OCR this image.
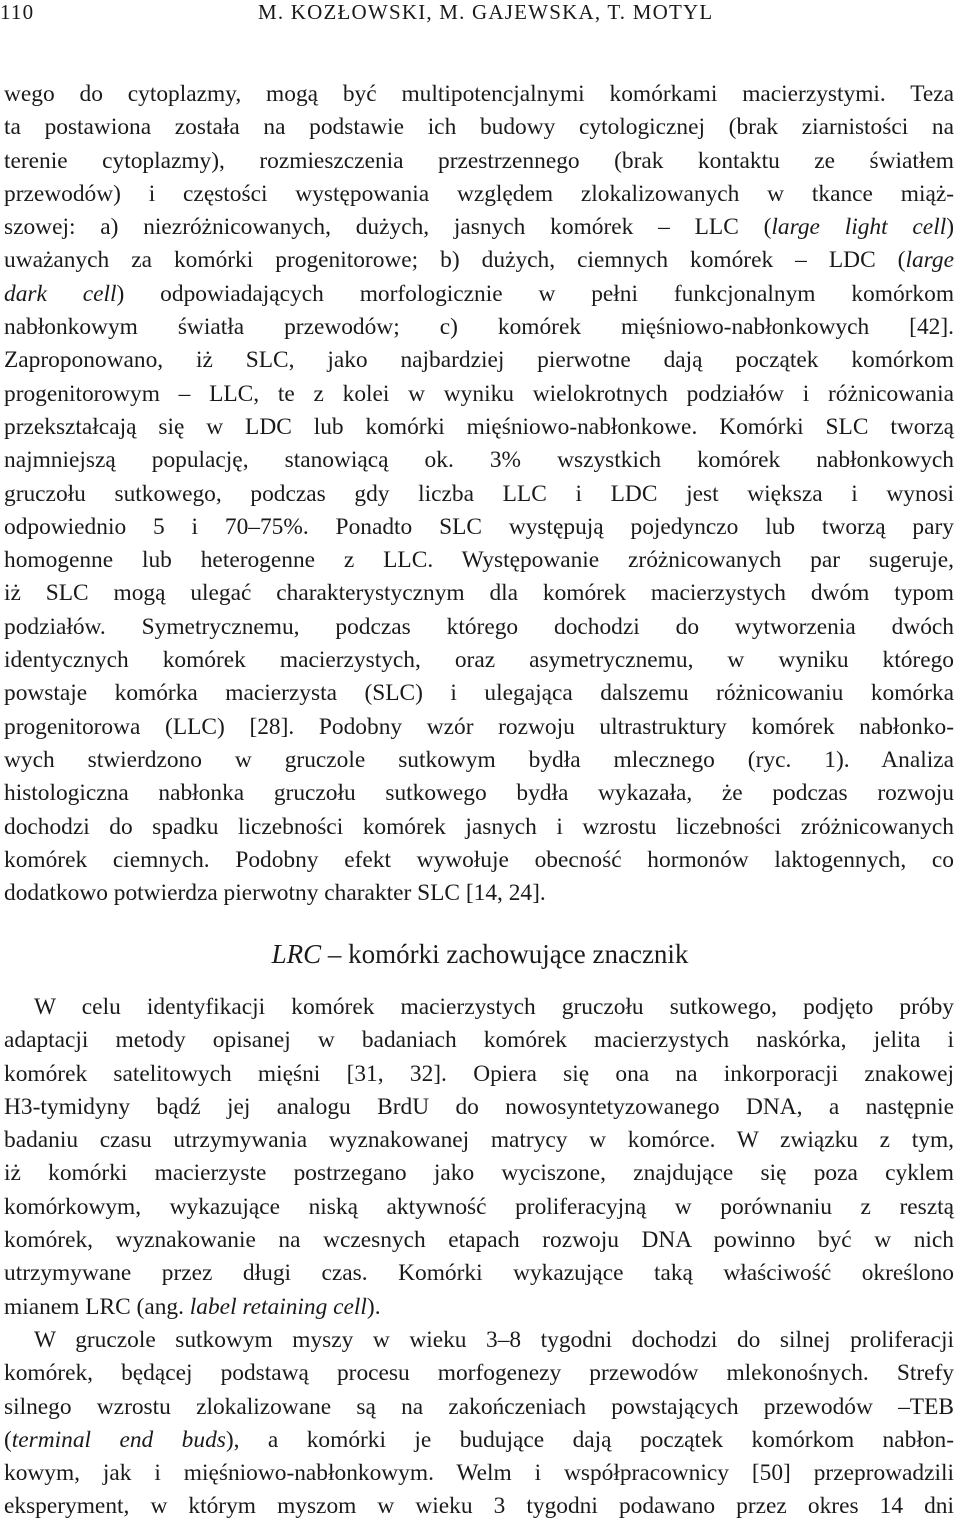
110	M. KOZŁOWSKI, M. GAJEWSKA, T. MOTYL
wego do cytoplazmy, mogą być multipotencjalnymi komórkami macierzystymi. Teza
ta postawiona została na podstawie ich budowy cytologicznej (brak ziarnistości na
terenie cytoplazmy), rozmieszczenia przestrzennego (brak kontaktu ze światłem
przewodów) i częstości występowania względem zlokalizowanych w tkance miąż-
szowej: a) niezróżnicowanych, dużych, jasnych komórek – LLC (large light cell)
uważanych za komórki progenitorowe; b) dużych, ciemnych komórek – LDC (large
dark cell) odpowiadających morfologicznie w pełni funkcjonalnym komórkom
nabłonkowym światła przewodów; c) komórek mięśniowo-nabłonkowych [42].
Zaproponowano, iż SLC, jako najbardziej pierwotne dają początek komórkom
progenitorowym – LLC, te z kolei w wyniku wielokrotnych podziałów i różnicowania
przekształcają się w LDC lub komórki mięśniowo-nabłonkowe. Komórki SLC tworzą
najmniejszą populację, stanowiącą ok. 3% wszystkich komórek nabłonkowych
gruczołu sutkowego, podczas gdy liczba LLC i LDC jest większa i wynosi
odpowiednio 5 i 70–75%. Ponadto SLC występują pojedynczo lub tworzą pary
homogenne lub heterogenne z LLC. Występowanie zróżnicowanych par sugeruje,
iż SLC mogą ulegać charakterystycznym dla komórek macierzystych dwóm typom
podziałów. Symetrycznemu, podczas którego dochodzi do wytworzenia dwóch
identycznych komórek macierzystych, oraz asymetrycznemu, w wyniku którego
powstaje komórka macierzysta (SLC) i ulegająca dalszemu różnicowaniu komórka
progenitorowa (LLC) [28]. Podobny wzór rozwoju ultrastruktury komórek nabłonko-
wych stwierdzono w gruczole sutkowym bydła mlecznego (ryc. 1). Analiza
histologiczna nabłonka gruczołu sutkowego bydła wykazała, że podczas rozwoju
dochodzi do spadku liczebności komórek jasnych i wzrostu liczebności zróżnicowanych
komórek ciemnych. Podobny efekt wywołuje obecność hormonów laktogennych, co
dodatkowo potwierdza pierwotny charakter SLC [14, 24].
LRC – komórki zachowujące znacznik
W celu identyfikacji komórek macierzystych gruczołu sutkowego, podjęto próby
adaptacji metody opisanej w badaniach komórek macierzystych naskórka, jelita i
komórek satelitowych mięśni [31, 32]. Opiera się ona na inkorporacji znakowej
H3-tymidyny bądź jej analogu BrdU do nowosyntetyzowanego DNA, a następnie
badaniu czasu utrzymywania wyznakowanej matrycy w komórce. W związku z tym,
iż komórki macierzyste postrzegano jako wyciszone, znajdujące się poza cyklem
komórkowym, wykazujące niską aktywność proliferacyjną w porównaniu z resztą
komórek, wyznakowanie na wczesnych etapach rozwoju DNA powinno być w nich
utrzymywane przez długi czas. Komórki wykazujące taką właściwość określono
mianem LRC (ang. label retaining cell).
W gruczole sutkowym myszy w wieku 3–8 tygodni dochodzi do silnej proliferacji
komórek, będącej podstawą procesu morfogenezy przewodów mlekonośnych. Strefy
silnego wzrostu zlokalizowane są na zakończeniach powstających przewodów –TEB
(terminal end buds), a komórki je budujące dają początek komórkom nabłon-
kowym, jak i mięśniowo-nabłonkowym. Welm i współpracownicy [50] przeprowadzili
eksperyment, w którym myszom w wieku 3 tygodni podawano przez okres 14 dni
